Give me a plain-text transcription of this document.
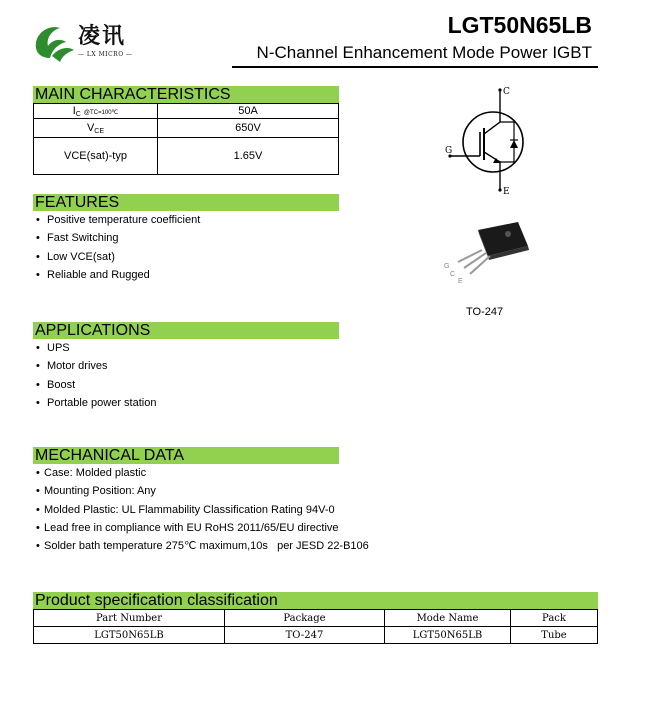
凌讯
— LX MICRO —
LGT50N65LB
N-Channel Enhancement Mode Power IGBT
MAIN CHARACTERISTICS
IC @TC=100℃	50A
VCE	650V
VCE(sat)-typ	1.65V
C
G
E
G
C
E
TO-247
FEATURES
• Positive temperature coefficient
• Fast Switching
• Low VCE(sat)
• Reliable and Rugged
APPLICATIONS
• UPS
• Motor drives
• Boost
• Portable power station
MECHANICAL DATA
• Case: Molded plastic
• Mounting Position: Any
• Molded Plastic: UL Flammability Classification Rating 94V-0
• Lead free in compliance with EU RoHS 2011/65/EU directive
• Solder bath temperature 275℃ maximum,10s   per JESD 22-B106
Product specification classification
Part Number	Package	Mode Name	Pack
LGT50N65LB	TO-247	LGT50N65LB	Tube
